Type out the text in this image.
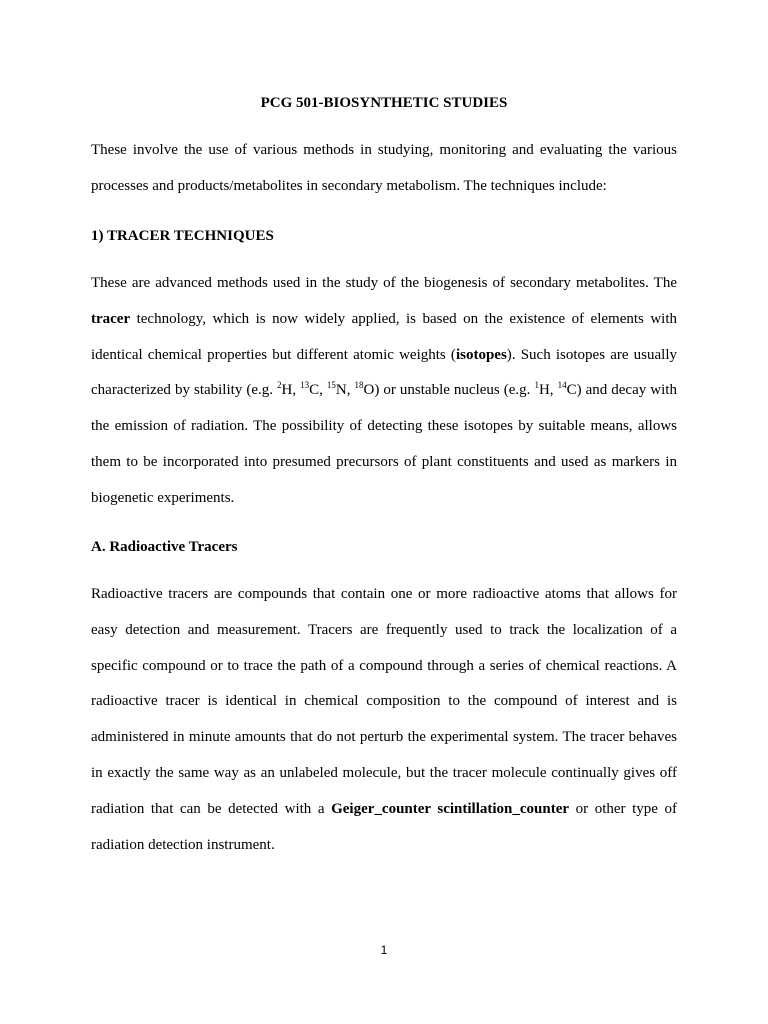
PCG 501-BIOSYNTHETIC STUDIES

These involve the use of various methods in studying, monitoring and evaluating the various
processes and products/metabolites in secondary metabolism. The techniques include:

1) TRACER TECHNIQUES

These are advanced methods used in the study of the biogenesis of secondary metabolites. The
tracer technology, which is now widely applied, is based on the existence of elements with
identical chemical properties but different atomic weights (isotopes). Such isotopes are usually
characterized by stability (e.g. $^2$H, $^{13}$C, $^{15}$N, $^{18}$O) or unstable nucleus (e.g. $^1$H, $^{14}$C) and decay with
the emission of radiation. The possibility of detecting these isotopes by suitable means, allows
them to be incorporated into presumed precursors of plant constituents and used as markers in
biogenetic experiments.

A. Radioactive Tracers

Radioactive tracers are compounds that contain one or more radioactive atoms that allows for
easy detection and measurement. Tracers are frequently used to track the localization of a
specific compound or to trace the path of a compound through a series of chemical reactions. A
radioactive tracer is identical in chemical composition to the compound of interest and is
administered in minute amounts that do not perturb the experimental system. The tracer behaves
in exactly the same way as an unlabeled molecule, but the tracer molecule continually gives off
radiation that can be detected with a Geiger_counter scintillation_counter or other type of
radiation detection instrument.

1
